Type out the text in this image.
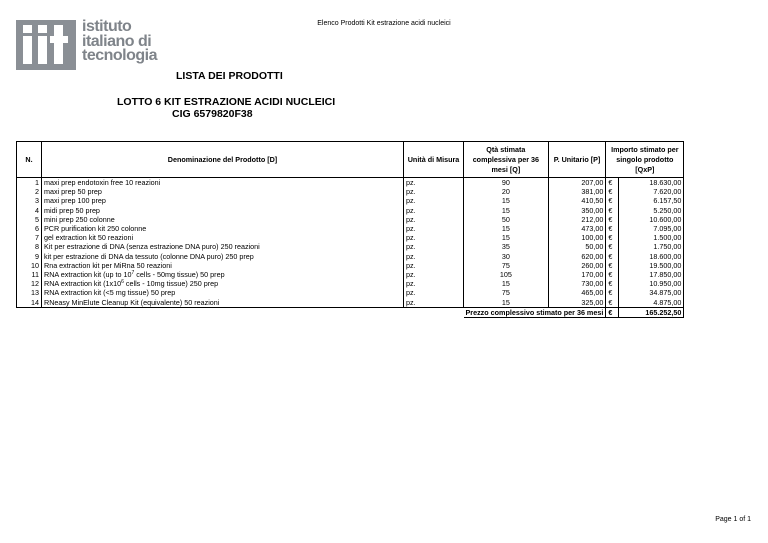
Elenco Prodotti Kit estrazione acidi nucleici
istituto
italiano di
tecnologia
LISTA DEI PRODOTTI
LOTTO 6 KIT ESTRAZIONE ACIDI NUCLEICI
CIG 6579820F38
N.	Denominazione del Prodotto [D]	Unità di Misura	Qtà stimata complessiva per 36 mesi [Q]	P. Unitario [P]	Importo stimato per singolo prodotto [QxP]	
1	maxi prep endotoxin free 10 reazioni	pz.	90	207,00	€	18.630,00
2	maxi prep 50 prep	pz.	20	381,00	€	7.620,00
3	maxi prep 100 prep	pz.	15	410,50	€	6.157,50
4	midi prep 50 prep	pz.	15	350,00	€	5.250,00
5	mini prep 250 colonne	pz.	50	212,00	€	10.600,00
6	PCR purification kit 250 colonne	pz.	15	473,00	€	7.095,00
7	gel extraction kit 50 reazioni	pz.	15	100,00	€	1.500,00
8	Kit per estrazione di DNA (senza estrazione DNA puro) 250 reazioni	pz.	35	50,00	€	1.750,00
9	kit per estrazione di DNA da tessuto (colonne DNA puro) 250 prep	pz.	30	620,00	€	18.600,00
10	Rna extraction kit per MiRna 50 reazioni	pz.	75	260,00	€	19.500,00
11	RNA extraction kit (up to $10^7$ cells - 50mg tissue) 50 prep	pz.	105	170,00	€	17.850,00
12	RNA extraction kit ($1x10^6$ cells - 10mg tissue) 250 prep	pz.	15	730,00	€	10.950,00
13	RNA extraction kit (<5 mg tissue) 50 prep	pz.	75	465,00	€	34.875,00
14	RNeasy MinElute Cleanup Kit (equivalente) 50 reazioni	pz.	15	325,00	€	4.875,00
			Prezzo complessivo stimato per 36 mesi		€	165.252,50
Page 1 of 1
